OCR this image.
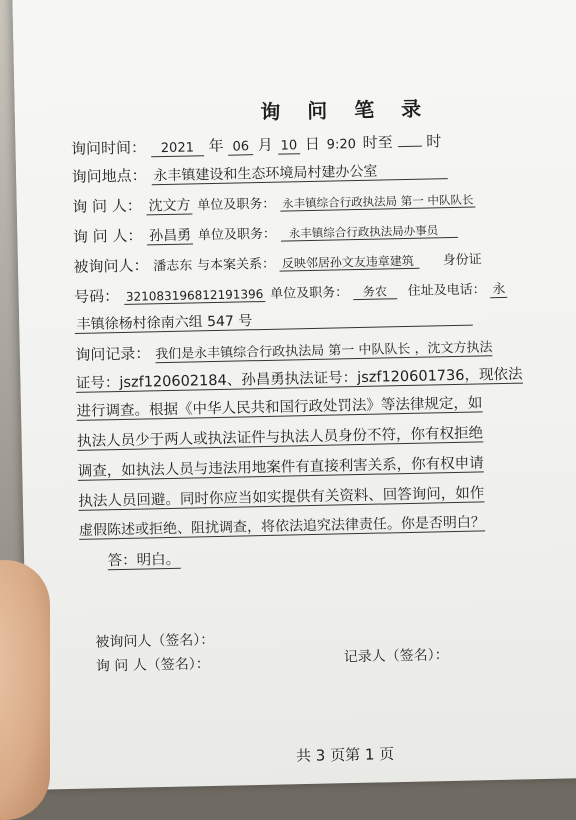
询 问 笔 录
询问时间： 2021 年 06 月 10 日 9:20 时至 时
询问地点： 永丰镇建设和生态环境局村建办公室
询 问 人： 沈文方 单位及职务： 永丰镇综合行政执法局 第一 中队队长
询 问 人： 孙昌勇 单位及职务： 永丰镇综合行政执法局办事员
被询问人： 潘志东 与本案关系： 反映邻居孙文友违章建筑 身份证
号码： 321083196812191396 单位及职务： 务农 住址及电话： 永
丰镇徐杨村徐南六组 547 号
询问记录： 我们是永丰镇综合行政执法局 第一 中队队长 ，沈文方执法
证号：jszf120602184、孙昌勇执法证号：jszf120601736，现依法
进行调查。根据《中华人民共和国行政处罚法》等法律规定，如
执法人员少于两人或执法证件与执法人员身份不符，你有权拒绝
调查，如执法人员与违法用地案件有直接利害关系，你有权申请
执法人员回避。同时你应当如实提供有关资料、回答询问，如作
虚假陈述或拒绝、阻扰调查，将依法追究法律责任。你是否明白？
答：明白。
被询问人（签名）：
询 问 人（签名）：	记录人（签名）：
共 3 页第 1 页
